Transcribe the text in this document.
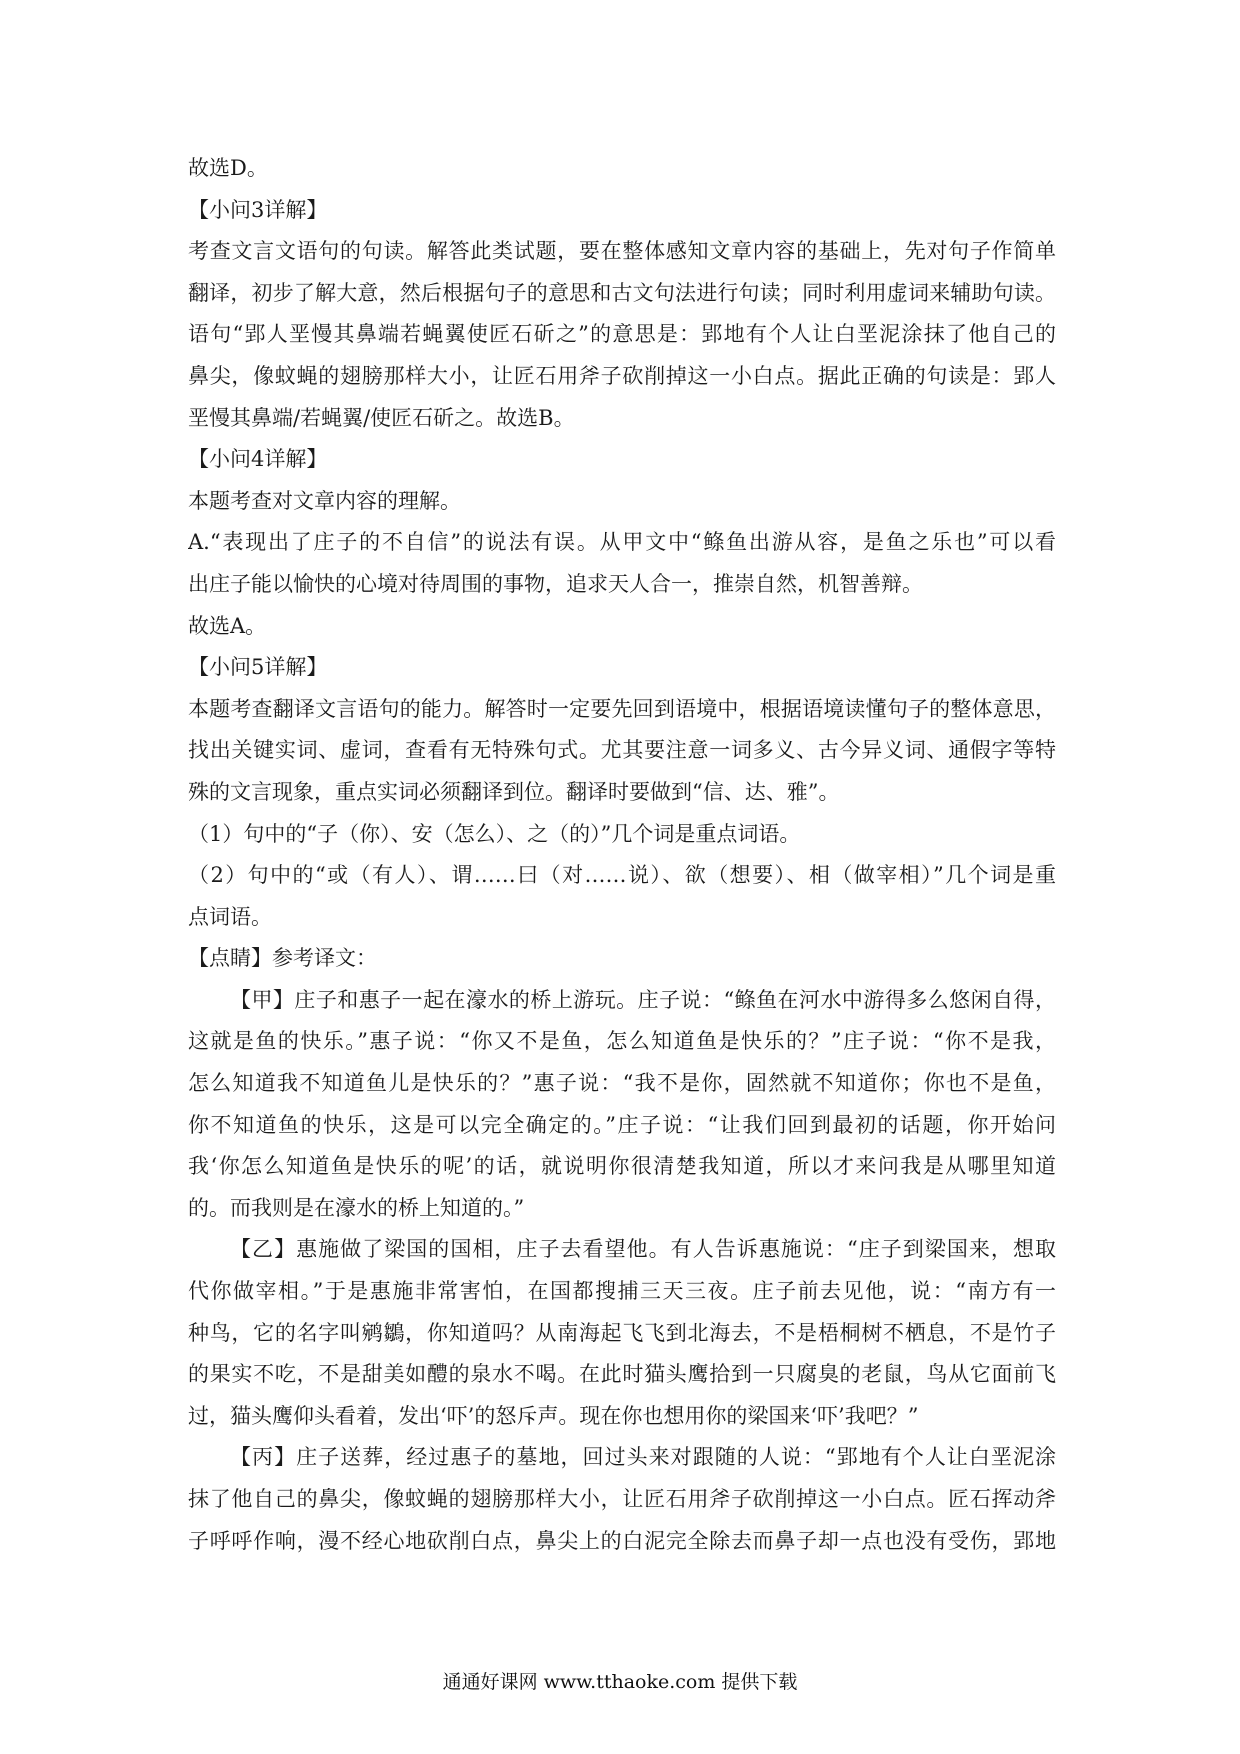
故选D。

【小问3详解】

考查文言文语句的句读。解答此类试题，要在整体感知文章内容的基础上，先对句子作简单

翻译，初步了解大意，然后根据句子的意思和古文句法进行句读；同时利用虚词来辅助句读。

语句“郢人垩慢其鼻端若蝇翼使匠石斫之”的意思是：郢地有个人让白垩泥涂抹了他自己的

鼻尖，像蚊蝇的翅膀那样大小，让匠石用斧子砍削掉这一小白点。据此正确的句读是：郢人

垩慢其鼻端/若蝇翼/使匠石斫之。故选B。

【小问4详解】

本题考查对文章内容的理解。

A.“表现出了庄子的不自信”的说法有误。从甲文中“鲦鱼出游从容，是鱼之乐也”可以看

出庄子能以愉快的心境对待周围的事物，追求天人合一，推崇自然，机智善辩。

故选A。

【小问5详解】

本题考查翻译文言语句的能力。解答时一定要先回到语境中，根据语境读懂句子的整体意思，

找出关键实词、虚词，查看有无特殊句式。尤其要注意一词多义、古今异义词、通假字等特

殊的文言现象，重点实词必须翻译到位。翻译时要做到“信、达、雅”。

（1）句中的“子（你）、安（怎么）、之（的）”几个词是重点词语。

（2）句中的“或（有人）、谓……曰（对……说）、欲（想要）、相（做宰相）”几个词是重

点词语。

【点睛】参考译文：

【甲】庄子和惠子一起在濠水的桥上游玩。庄子说：“鲦鱼在河水中游得多么悠闲自得，

这就是鱼的快乐。”惠子说：“你又不是鱼，怎么知道鱼是快乐的？”庄子说：“你不是我，

怎么知道我不知道鱼儿是快乐的？”惠子说：“我不是你，固然就不知道你；你也不是鱼，

你不知道鱼的快乐，这是可以完全确定的。”庄子说：“让我们回到最初的话题，你开始问

我‘你怎么知道鱼是快乐的呢’的话，就说明你很清楚我知道，所以才来问我是从哪里知道

的。而我则是在濠水的桥上知道的。”

【乙】惠施做了梁国的国相，庄子去看望他。有人告诉惠施说：“庄子到梁国来，想取

代你做宰相。”于是惠施非常害怕，在国都搜捕三天三夜。庄子前去见他，说：“南方有一

种鸟，它的名字叫鹓鶵，你知道吗？从南海起飞飞到北海去，不是梧桐树不栖息，不是竹子

的果实不吃，不是甜美如醴的泉水不喝。在此时猫头鹰拾到一只腐臭的老鼠，鸟从它面前飞

过，猫头鹰仰头看着，发出‘吓’的怒斥声。现在你也想用你的梁国来‘吓’我吧？”

【丙】庄子送葬，经过惠子的墓地，回过头来对跟随的人说：“郢地有个人让白垩泥涂

抹了他自己的鼻尖，像蚊蝇的翅膀那样大小，让匠石用斧子砍削掉这一小白点。匠石挥动斧

子呼呼作响，漫不经心地砍削白点，鼻尖上的白泥完全除去而鼻子却一点也没有受伤，郢地

通通好课网 www.tthaoke.com 提供下载
